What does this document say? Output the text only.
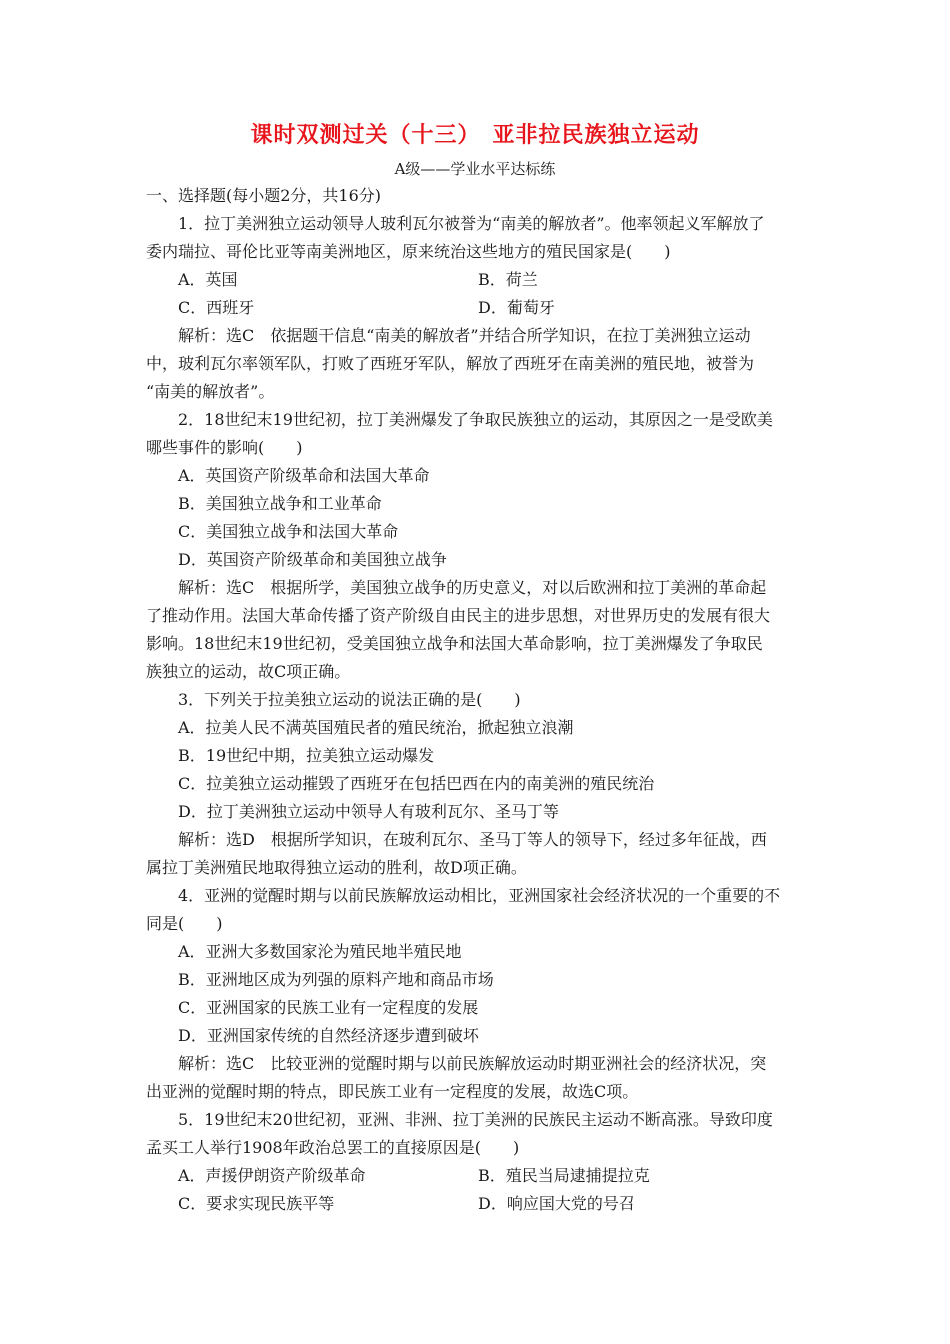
课时双测过关（十三）　亚非拉民族独立运动
A级——学业水平达标练
一、选择题(每小题2分，共16分)
1．拉丁美洲独立运动领导人玻利瓦尔被誉为“南美的解放者”。他率领起义军解放了
委内瑞拉、哥伦比亚等南美洲地区，原来统治这些地方的殖民国家是(　　)
A．英国	B．荷兰
C．西班牙	D．葡萄牙
解析：选C　依据题干信息“南美的解放者”并结合所学知识，在拉丁美洲独立运动
中，玻利瓦尔率领军队，打败了西班牙军队，解放了西班牙在南美洲的殖民地，被誉为
“南美的解放者”。
2．18世纪末19世纪初，拉丁美洲爆发了争取民族独立的运动，其原因之一是受欧美
哪些事件的影响(　　)
A．英国资产阶级革命和法国大革命
B．美国独立战争和工业革命
C．美国独立战争和法国大革命
D．英国资产阶级革命和美国独立战争
解析：选C　根据所学，美国独立战争的历史意义，对以后欧洲和拉丁美洲的革命起
了推动作用。法国大革命传播了资产阶级自由民主的进步思想，对世界历史的发展有很大
影响。18世纪末19世纪初，受美国独立战争和法国大革命影响，拉丁美洲爆发了争取民
族独立的运动，故C项正确。
3．下列关于拉美独立运动的说法正确的是(　　)
A．拉美人民不满英国殖民者的殖民统治，掀起独立浪潮
B．19世纪中期，拉美独立运动爆发
C．拉美独立运动摧毁了西班牙在包括巴西在内的南美洲的殖民统治
D．拉丁美洲独立运动中领导人有玻利瓦尔、圣马丁等
解析：选D　根据所学知识，在玻利瓦尔、圣马丁等人的领导下，经过多年征战，西
属拉丁美洲殖民地取得独立运动的胜利，故D项正确。
4．亚洲的觉醒时期与以前民族解放运动相比，亚洲国家社会经济状况的一个重要的不
同是(　　)
A．亚洲大多数国家沦为殖民地半殖民地
B．亚洲地区成为列强的原料产地和商品市场
C．亚洲国家的民族工业有一定程度的发展
D．亚洲国家传统的自然经济逐步遭到破坏
解析：选C　比较亚洲的觉醒时期与以前民族解放运动时期亚洲社会的经济状况，突
出亚洲的觉醒时期的特点，即民族工业有一定程度的发展，故选C项。
5．19世纪末20世纪初，亚洲、非洲、拉丁美洲的民族民主运动不断高涨。导致印度
孟买工人举行1908年政治总罢工的直接原因是(　　)
A．声援伊朗资产阶级革命	B．殖民当局逮捕提拉克
C．要求实现民族平等	D．响应国大党的号召
